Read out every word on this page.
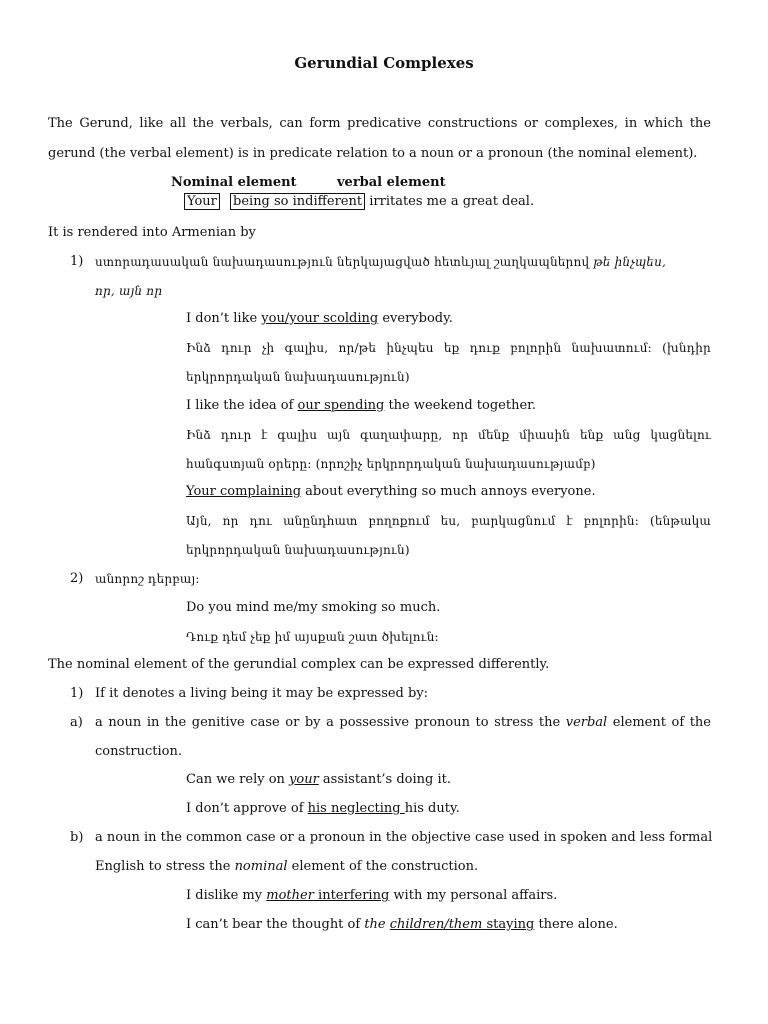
Gerundial Complexes
The Gerund, like all the verbals, can form predicative constructions or complexes, in which the
gerund (the verbal element) is in predicate relation to a noun or a pronoun (the nominal element).
Nominal element	verbal element
Your being so indifferent irritates me a great deal.
It is rendered into Armenian by
1) ստորադասական նախադասություն ներկայացված հետևյալ շաղկապներով թե ինչպես,
որ, այն որ
I don’t like you/your scolding everybody.
Ինձ դուր չի գալիս, որ/թե ինչպես եք դուք բոլորին նախատում: (խնդիր
երկրորդական նախադասություն)
I like the idea of our spending the weekend together.
Ինձ դուր է գալիս այն գաղափարը, որ մենք միասին ենք անց կացնելու
հանգստյան օրերը: (որոշիչ երկրորդական նախադասությամբ)
Your complaining about everything so much annoys everyone.
Այն, որ դու անընդհատ բողոքում ես, բարկացնում է բոլորին: (ենթակա
երկրորդական նախադասություն)
2) անորոշ դերբայ:
Do you mind me/my smoking so much.
Դուք դեմ չեք իմ այսքան շատ ծխելուն:
The nominal element of the gerundial complex can be expressed differently.
1) If it denotes a living being it may be expressed by:
a) a noun in the genitive case or by a possessive pronoun to stress the verbal element of the
construction.
Can we rely on your assistant’s doing it.
I don’t approve of his neglecting his duty.
b) a noun in the common case or a pronoun in the objective case used in spoken and less formal
English to stress the nominal element of the construction.
I dislike my mother interfering with my personal affairs.
I can’t bear the thought of the children/them staying there alone.
